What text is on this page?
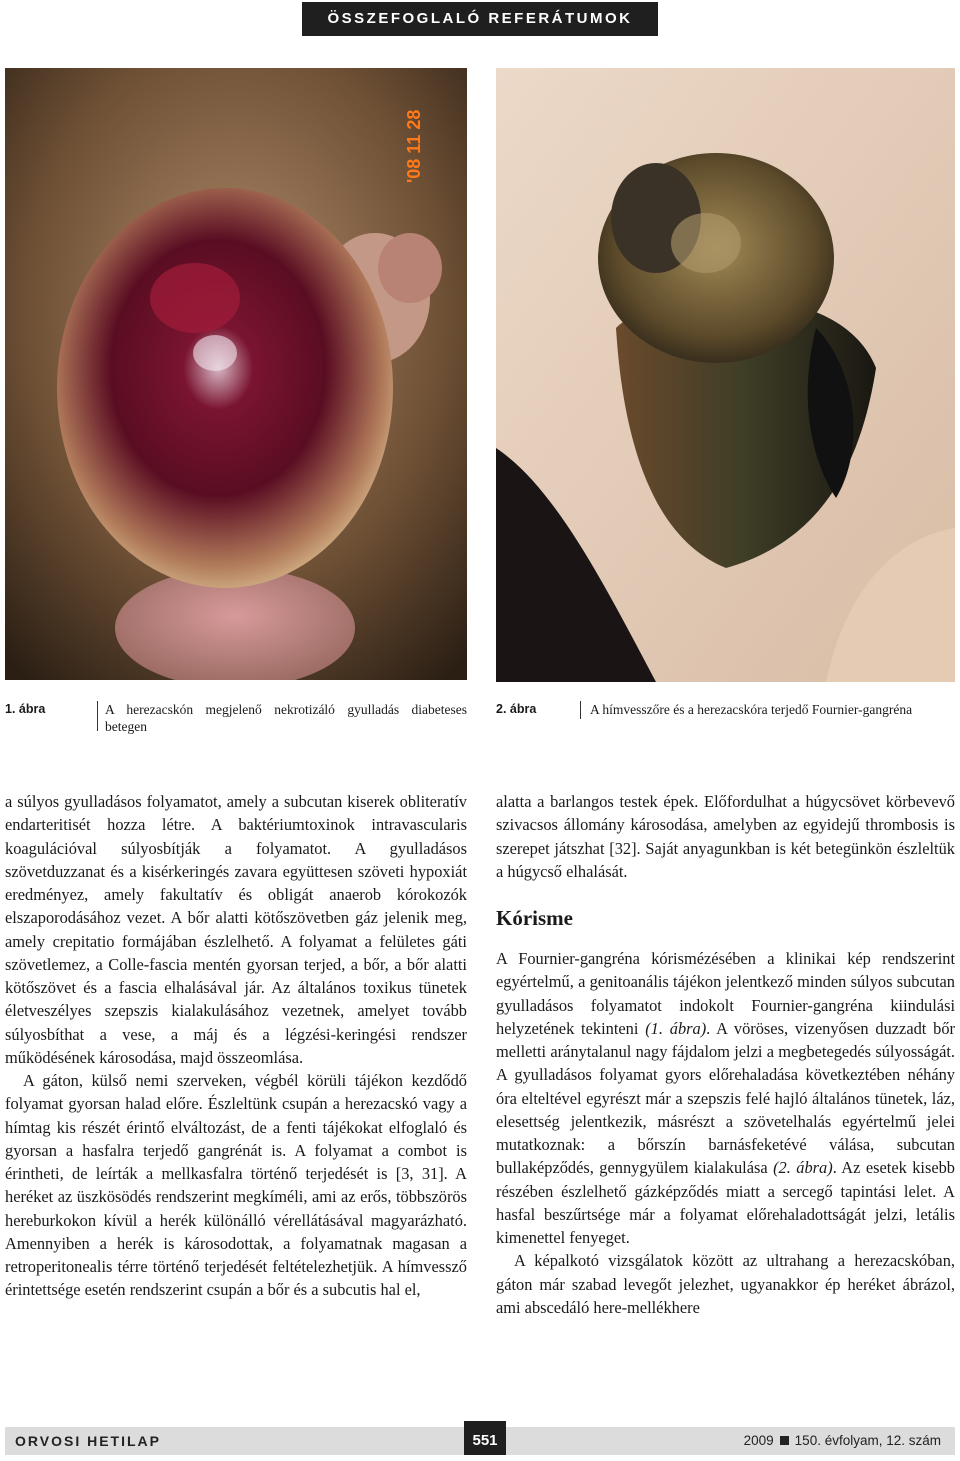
ÖSSZEFOGLALÓ REFERÁTUMOK
'08 11 28
1. ábra	A herezacskón megjelenő nekrotizáló gyulladás diabeteses betegen
2. ábra	A hímvesszőre és a herezacskóra terjedő Fournier-gangréna

a súlyos gyulladásos folyamatot, amely a subcutan kiserek obliteratív endarteritisét hozza létre. A baktériumtoxinok intravascularis koagulációval súlyosbítják a folyamatot. A gyulladásos szövetduzzanat és a kisérkeringés zavara együttesen szöveti hypoxiát eredményez, amely fakultatív és obligát anaerob kórokozók elszaporodásához vezet. A bőr alatti kötőszövetben gáz jelenik meg, amely crepitatio formájában észlelhető. A folyamat a felületes gáti szövetlemez, a Colle-fascia mentén gyorsan terjed, a bőr, a bőr alatti kötőszövet és a fascia elhalásával jár. Az általános toxikus tünetek életveszélyes szepszis kialakulásához vezetnek, amelyet tovább súlyosbíthat a vese, a máj és a légzési-keringési rendszer működésének károsodása, majd összeomlása.

A gáton, külső nemi szerveken, végbél körüli tájékon kezdődő folyamat gyorsan halad előre. Észleltünk csupán a herezacskó vagy a hímtag kis részét érintő elváltozást, de a fenti tájékokat elfoglaló és gyorsan a hasfalra terjedő gangrénát is. A folyamat a combot is érintheti, de leírták a mellkasfalra történő terjedését is [3, 31]. A heréket az üszkösödés rendszerint megkíméli, ami az erős, többszörös hereburkokon kívül a herék különálló vérellátásával magyarázható. Amennyiben a herék is károsodottak, a folyamatnak magasan a retroperitonealis térre történő terjedését feltételezhetjük. A hímvessző érintettsége esetén rendszerint csupán a bőr és a subcutis hal el,

alatta a barlangos testek épek. Előfordulhat a húgycsövet körbevevő szivacsos állomány károsodása, amelyben az egyidejű thrombosis is szerepet játszhat [32]. Saját anyagunkban is két betegünkön észleltük a húgycső elhalását.

Kórisme

A Fournier-gangréna kórismézésében a klinikai kép rendszerint egyértelmű, a genitoanális tájékon jelentkező minden súlyos subcutan gyulladásos folyamatot indokolt Fournier-gangréna kiindulási helyzetének tekinteni (1. ábra). A vöröses, vizenyősen duzzadt bőr melletti aránytalanul nagy fájdalom jelzi a megbetegedés súlyosságát. A gyulladásos folyamat gyors előrehaladása következtében néhány óra elteltével egyrészt már a szepszis felé hajló általános tünetek, láz, elesettség jelentkezik, másrészt a szövetelhalás egyértelmű jelei mutatkoznak: a bőrszín barnásfeketévé válása, subcutan bullaképződés, gennygyülem kialakulása (2. ábra). Az esetek kisebb részében észlelhető gázképződés miatt a sercegő tapintási lelet. A hasfal beszűrtsége már a folyamat előrehaladottságát jelzi, letális kimenettel fenyeget.

A képalkotó vizsgálatok között az ultrahang a herezacskóban, gáton már szabad levegőt jelezhet, ugyanakkor ép heréket ábrázol, ami abscedáló here-mellékhere

ORVOSI HETILAP	551	2009 150. évfolyam, 12. szám
